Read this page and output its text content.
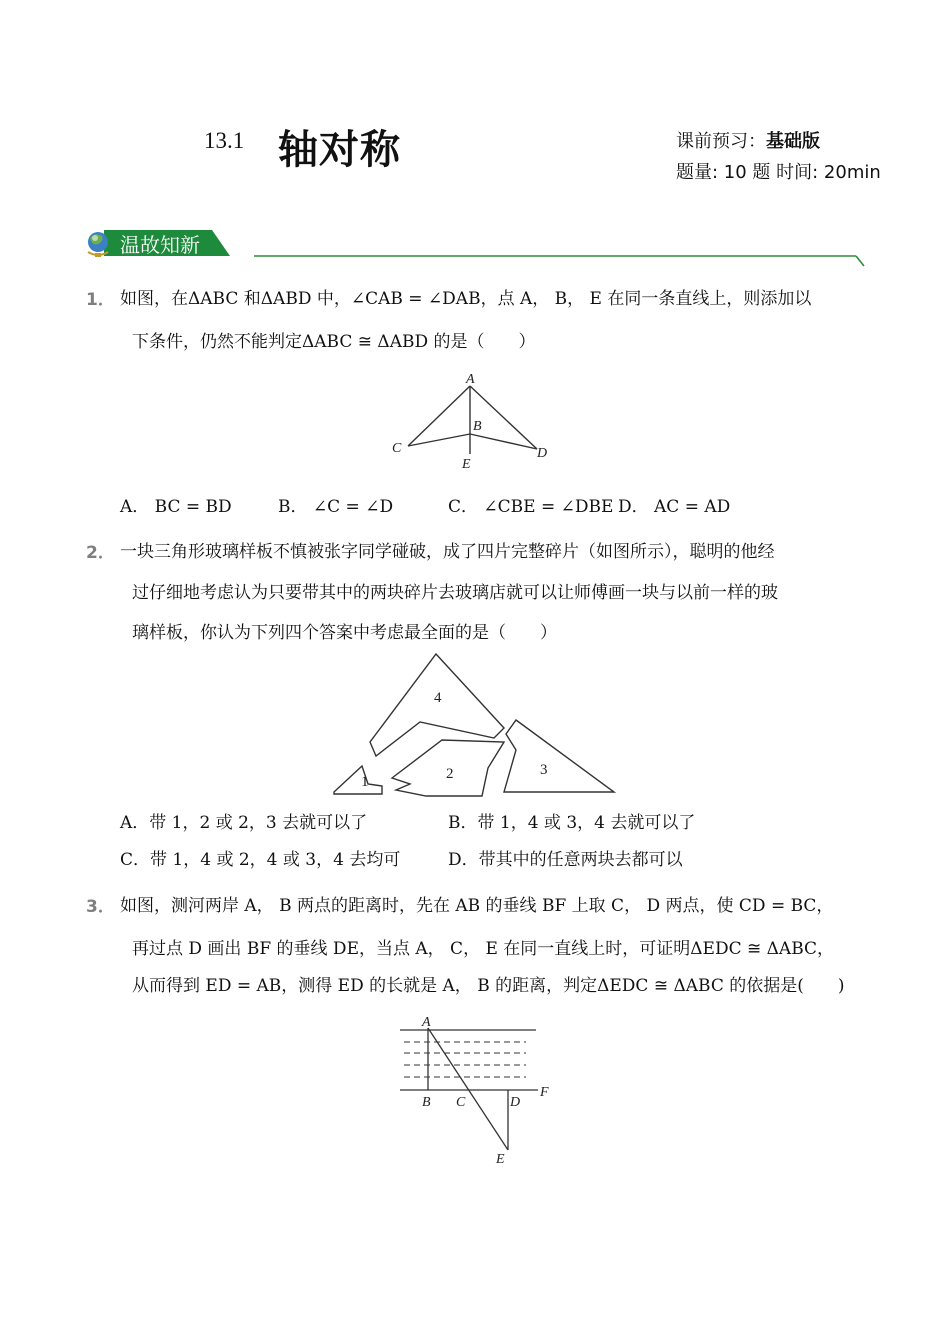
13.1 轴对称	课前预习：基础版
题量: 10 题 时间: 20min
温故知新
1． 如图，在ΔABC 和ΔABD 中，∠CAB = ∠DAB，点 A， B， E 在同一条直线上，则添加以
下条件，仍然不能判定ΔABC ≅ ΔABD 的是（　　）
A
B
C	D
E
A． BC = BD	B． ∠C = ∠D	C． ∠CBE = ∠DBE D． AC = AD
2． 一块三角形玻璃样板不慎被张字同学碰破，成了四片完整碎片（如图所示），聪明的他经
过仔细地考虑认为只要带其中的两块碎片去玻璃店就可以让师傅画一块与以前一样的玻
璃样板，你认为下列四个答案中考虑最全面的是（　　）
1	2	3
4
A．带 1，2 或 2，3 去就可以了	B．带 1，4 或 3，4 去就可以了
C．带 1，4 或 2，4 或 3，4 去均可	D．带其中的任意两块去都可以
3． 如图，测河两岸 A， B 两点的距离时，先在 AB 的垂线 BF 上取 C， D 两点，使 CD = BC，
再过点 D 画出 BF 的垂线 DE，当点 A， C， E 在同一直线上时，可证明ΔEDC ≅ ΔABC，
从而得到 ED = AB，测得 ED 的长就是 A， B 的距离，判定ΔEDC ≅ ΔABC 的依据是(　　)
A
B C	D
E
F
